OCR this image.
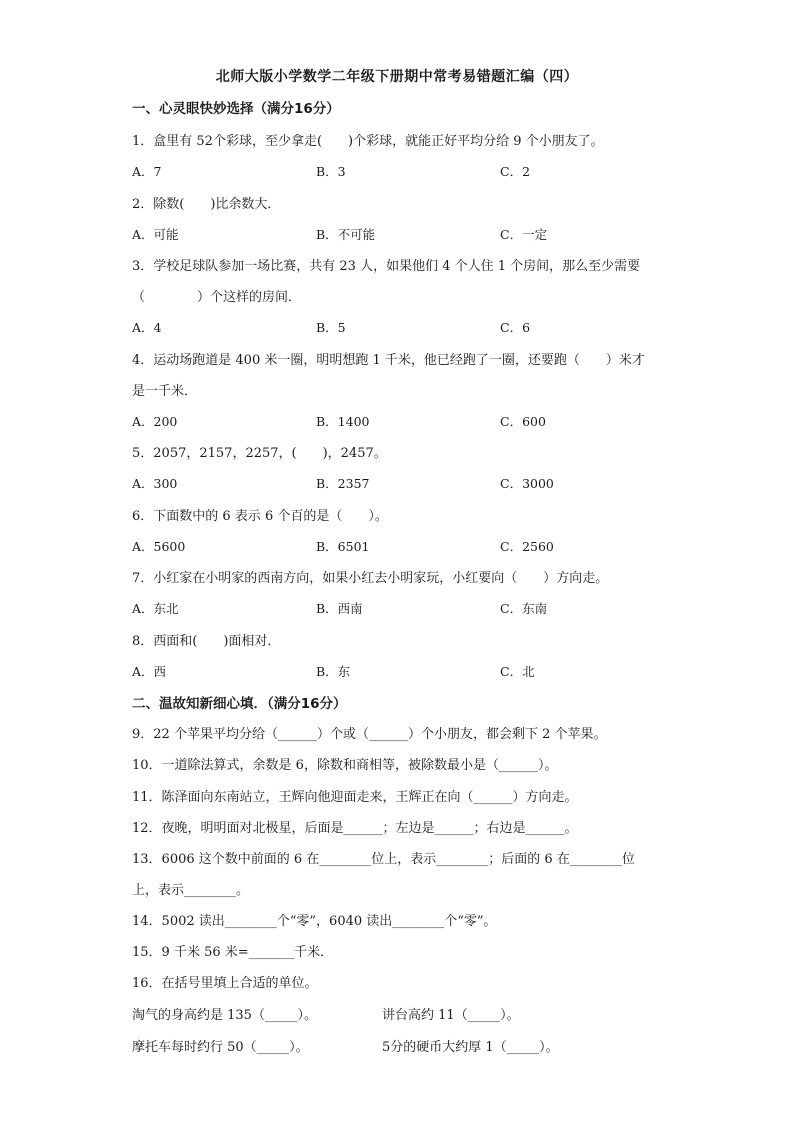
北师大版小学数学二年级下册期中常考易错题汇编（四）
一、心灵眼快妙选择（满分16分）
1．盒里有 52个彩球，至少拿走(　　)个彩球，就能正好平均分给 9 个小朋友了。
A．7	B．3	C．2
2．除数(　　)比余数大．
A．可能	B．不可能	C．一定
3．学校足球队参加一场比赛，共有 23 人，如果他们 4 个人住 1 个房间，那么至少需要
（　　　　）个这样的房间．
A．4	B．5	C．6
4．运动场跑道是 400 米一圈，明明想跑 1 千米，他已经跑了一圈，还要跑（　　）米才
是一千米．
A．200	B．1400	C．600
5．2057，2157，2257，(　　)，2457。
A．300	B．2357	C．3000
6．下面数中的 6 表示 6 个百的是（　　）。
A．5600	B．6501	C．2560
7．小红家在小明家的西南方向，如果小红去小明家玩，小红要向（　　）方向走。
A．东北	B．西南	C．东南
8．西面和(　　)面相对．
A．西	B．东	C．北
二、温故知新细心填．（满分16分）
9．22 个苹果平均分给（______）个或（______）个小朋友，都会剩下 2 个苹果。
10．一道除法算式，余数是 6，除数和商相等，被除数最小是（______）。
11．陈泽面向东南站立，王辉向他迎面走来，王辉正在向（______）方向走。
12．夜晚，明明面对北极星，后面是______；左边是______；右边是______。
13．6006 这个数中前面的 6 在________位上，表示________；后面的 6 在________位
上，表示________。
14．5002 读出________个“零”，6040 读出________个“零”。
15．9 千米 56 米=_______千米．
16．在括号里填上合适的单位。
淘气的身高约是 135（_____）。	讲台高约 11（_____）。
摩托车每时约行 50（_____）。	5分的硬币大约厚 1（_____）。
